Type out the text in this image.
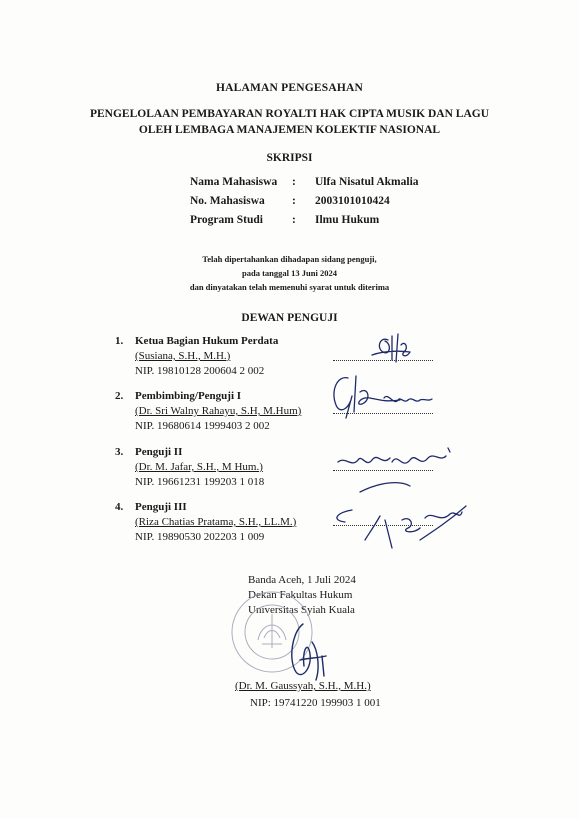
HALAMAN PENGESAHAN
PENGELOLAAN PEMBAYARAN ROYALTI HAK CIPTA MUSIK DAN LAGU
OLEH LEMBAGA MANAJEMEN KOLEKTIF NASIONAL
SKRIPSI
Nama Mahasiswa : Ulfa Nisatul Akmalia
No. Mahasiswa : 2003101010424
Program Studi	: Ilmu Hukum
Telah dipertahankan dihadapan sidang penguji,
pada tanggal 13 Juni 2024
dan dinyatakan telah memenuhi syarat untuk diterima
DEWAN PENGUJI
1. Ketua Bagian Hukum Perdata
(Susiana, S.H., M.H.)
NIP. 19810128 200604 2 002
2. Pembimbing/Penguji I
(Dr. Sri Walny Rahayu, S.H, M.Hum)
NIP. 19680614 1999403 2 002
3. Penguji II
(Dr. M. Jafar, S.H., M Hum.)
NIP. 19661231 199203 1 018
4. Penguji III
(Riza Chatias Pratama, S.H., LL.M.)
NIP. 19890530 202203 1 009
Banda Aceh, 1 Juli 2024
Dekan Fakultas Hukum
Universitas Syiah Kuala
(Dr. M. Gaussyah, S.H., M.H.)
NIP: 19741220 199903 1 001
